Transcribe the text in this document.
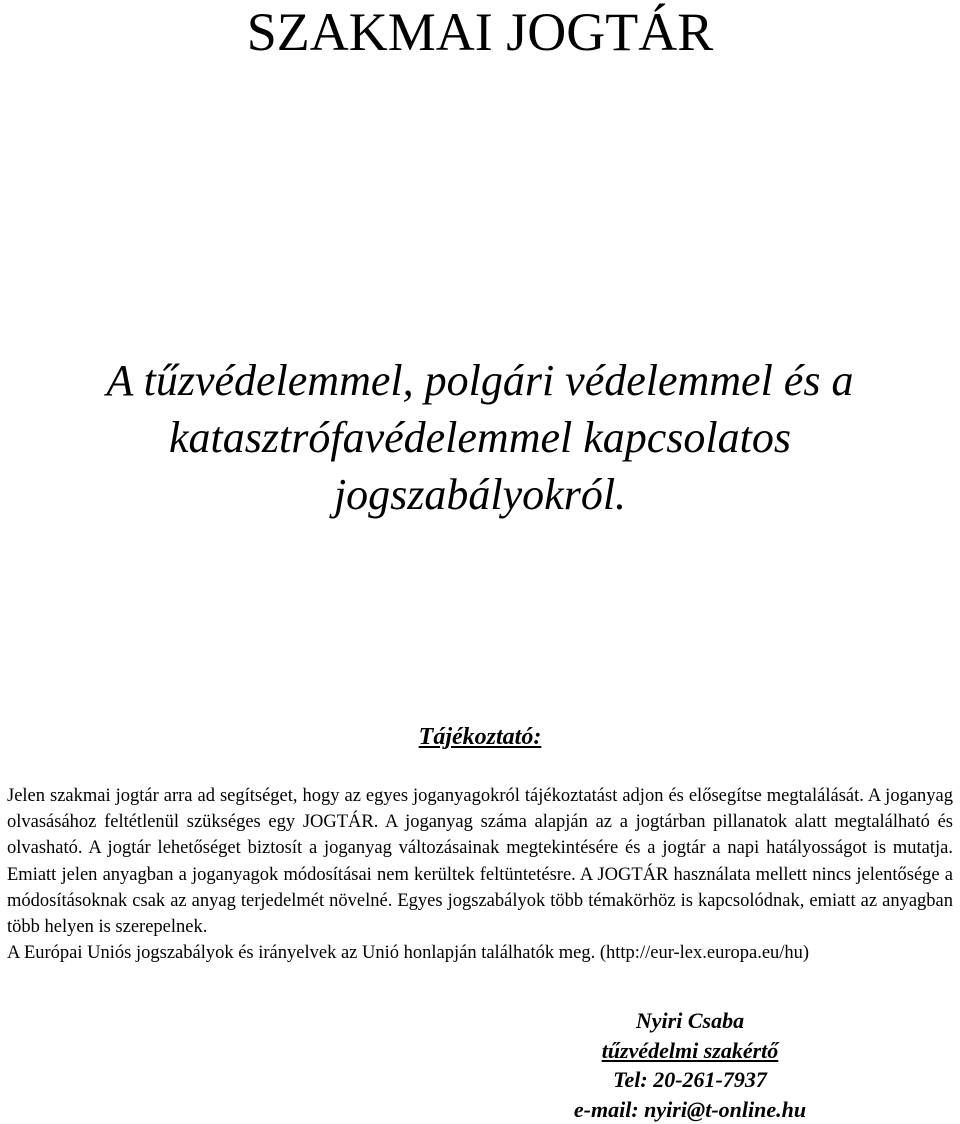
SZAKMAI JOGTÁR
A tűzvédelemmel, polgári védelemmel és a
katasztrófavédelemmel kapcsolatos
jogszabályokról.
Tájékoztató:

Jelen szakmai jogtár arra ad segítséget, hogy az egyes joganyagokról tájékoztatást adjon és elősegítse megtalálását. A joganyag olvasásához feltétlenül szükséges egy JOGTÁR. A joganyag száma alapján az a jogtárban pillanatok alatt megtalálható és olvasható. A jogtár lehetőséget biztosít a joganyag változásainak megtekintésére és a jogtár a napi hatályosságot is mutatja. Emiatt jelen anyagban a joganyagok módosításai nem kerültek feltüntetésre. A JOGTÁR használata mellett nincs jelentősége a módosításoknak csak az anyag terjedelmét növelné. Egyes jogszabályok több témakörhöz is kapcsolódnak, emiatt az anyagban több helyen is szerepelnek.

A Európai Uniós jogszabályok és irányelvek az Unió honlapján találhatók meg. (http://eur-lex.europa.eu/hu)

Nyiri Csaba
tűzvédelmi szakértő
Tel: 20-261-7937
e-mail: nyiri@t-online.hu
